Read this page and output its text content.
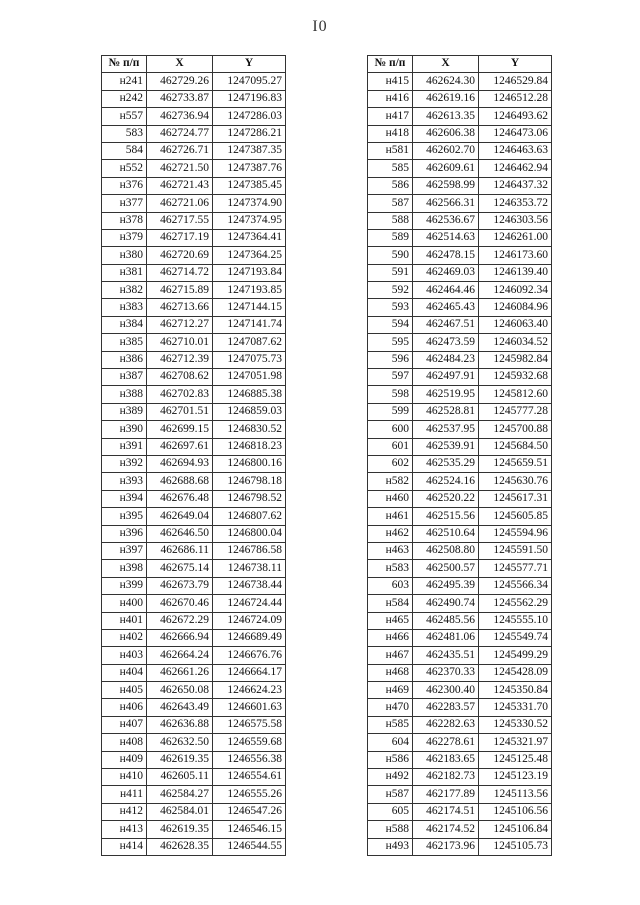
I0
№ п/п	X	Y
н241	462729.26	1247095.27
н242	462733.87	1247196.83
н557	462736.94	1247286.03
583	462724.77	1247286.21
584	462726.71	1247387.35
н552	462721.50	1247387.76
н376	462721.43	1247385.45
н377	462721.06	1247374.90
н378	462717.55	1247374.95
н379	462717.19	1247364.41
н380	462720.69	1247364.25
н381	462714.72	1247193.84
н382	462715.89	1247193.85
н383	462713.66	1247144.15
н384	462712.27	1247141.74
н385	462710.01	1247087.62
н386	462712.39	1247075.73
н387	462708.62	1247051.98
н388	462702.83	1246885.38
н389	462701.51	1246859.03
н390	462699.15	1246830.52
н391	462697.61	1246818.23
н392	462694.93	1246800.16
н393	462688.68	1246798.18
н394	462676.48	1246798.52
н395	462649.04	1246807.62
н396	462646.50	1246800.04
н397	462686.11	1246786.58
н398	462675.14	1246738.11
н399	462673.79	1246738.44
н400	462670.46	1246724.44
н401	462672.29	1246724.09
н402	462666.94	1246689.49
н403	462664.24	1246676.76
н404	462661.26	1246664.17
н405	462650.08	1246624.23
н406	462643.49	1246601.63
н407	462636.88	1246575.58
н408	462632.50	1246559.68
н409	462619.35	1246556.38
н410	462605.11	1246554.61
н411	462584.27	1246555.26
н412	462584.01	1246547.26
н413	462619.35	1246546.15
н414	462628.35	1246544.55
№ п/п	X	Y
н415	462624.30	1246529.84
н416	462619.16	1246512.28
н417	462613.35	1246493.62
н418	462606.38	1246473.06
н581	462602.70	1246463.63
585	462609.61	1246462.94
586	462598.99	1246437.32
587	462566.31	1246353.72
588	462536.67	1246303.56
589	462514.63	1246261.00
590	462478.15	1246173.60
591	462469.03	1246139.40
592	462464.46	1246092.34
593	462465.43	1246084.96
594	462467.51	1246063.40
595	462473.59	1246034.52
596	462484.23	1245982.84
597	462497.91	1245932.68
598	462519.95	1245812.60
599	462528.81	1245777.28
600	462537.95	1245700.88
601	462539.91	1245684.50
602	462535.29	1245659.51
н582	462524.16	1245630.76
н460	462520.22	1245617.31
н461	462515.56	1245605.85
н462	462510.64	1245594.96
н463	462508.80	1245591.50
н583	462500.57	1245577.71
603	462495.39	1245566.34
н584	462490.74	1245562.29
н465	462485.56	1245555.10
н466	462481.06	1245549.74
н467	462435.51	1245499.29
н468	462370.33	1245428.09
н469	462300.40	1245350.84
н470	462283.57	1245331.70
н585	462282.63	1245330.52
604	462278.61	1245321.97
н586	462183.65	1245125.48
н492	462182.73	1245123.19
н587	462177.89	1245113.56
605	462174.51	1245106.56
н588	462174.52	1245106.84
н493	462173.96	1245105.73
